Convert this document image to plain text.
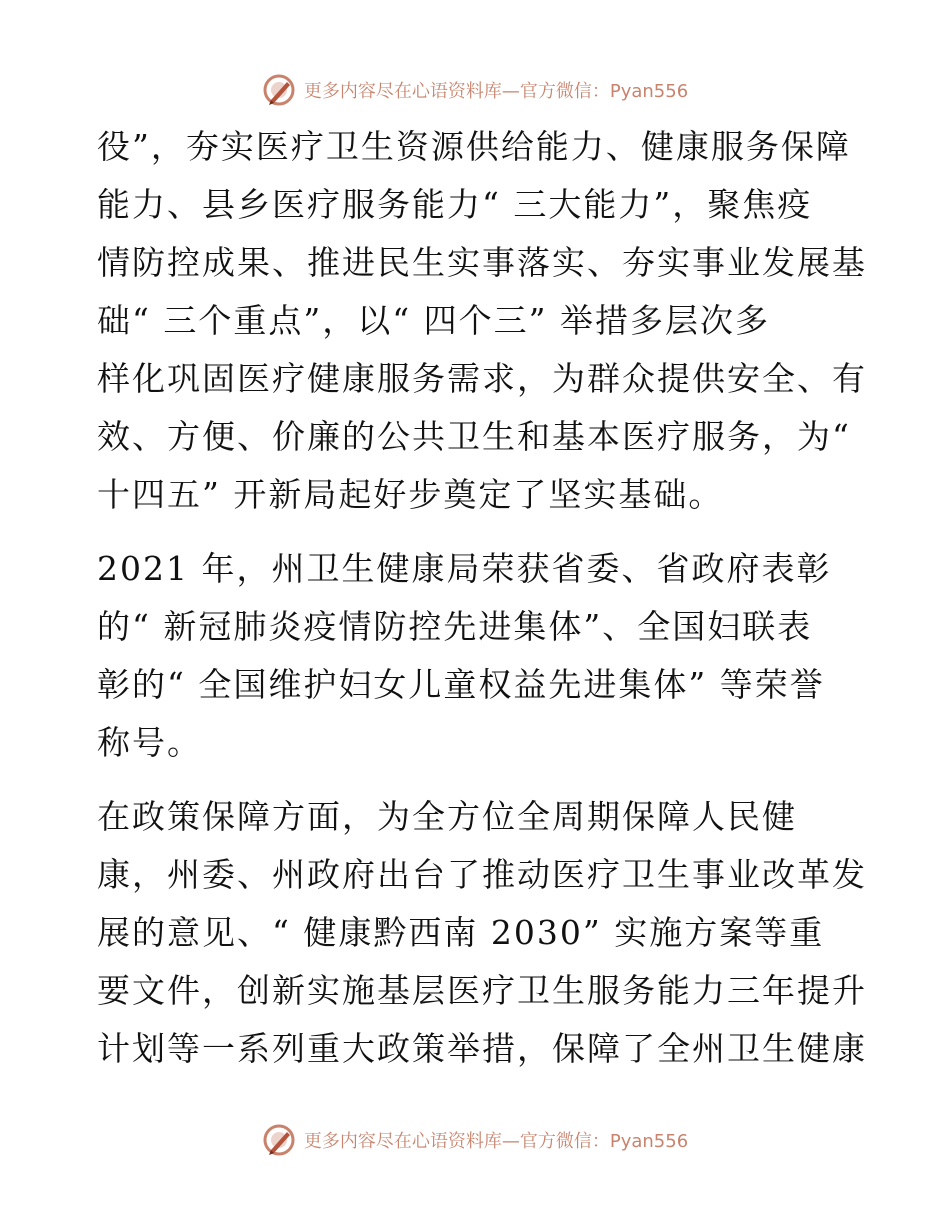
更多内容尽在心语资料库—官方微信：Pyan556

役”，夯实医疗卫生资源供给能力、健康服务保障
能力、县乡医疗服务能力“ 三大能力”，聚焦疫
情防控成果、推进民生实事落实、夯实事业发展基
础“ 三个重点”，以“ 四个三” 举措多层次多
样化巩固医疗健康服务需求，为群众提供安全、有
效、方便、价廉的公共卫生和基本医疗服务，为“
十四五” 开新局起好步奠定了坚实基础。

2021 年，州卫生健康局荣获省委、省政府表彰
的“ 新冠肺炎疫情防控先进集体”、全国妇联表
彰的“ 全国维护妇女儿童权益先进集体” 等荣誉
称号。

在政策保障方面，为全方位全周期保障人民健
康，州委、州政府出台了推动医疗卫生事业改革发
展的意见、“ 健康黔西南 2030” 实施方案等重
要文件，创新实施基层医疗卫生服务能力三年提升
计划等一系列重大政策举措，保障了全州卫生健康

更多内容尽在心语资料库—官方微信：Pyan556
